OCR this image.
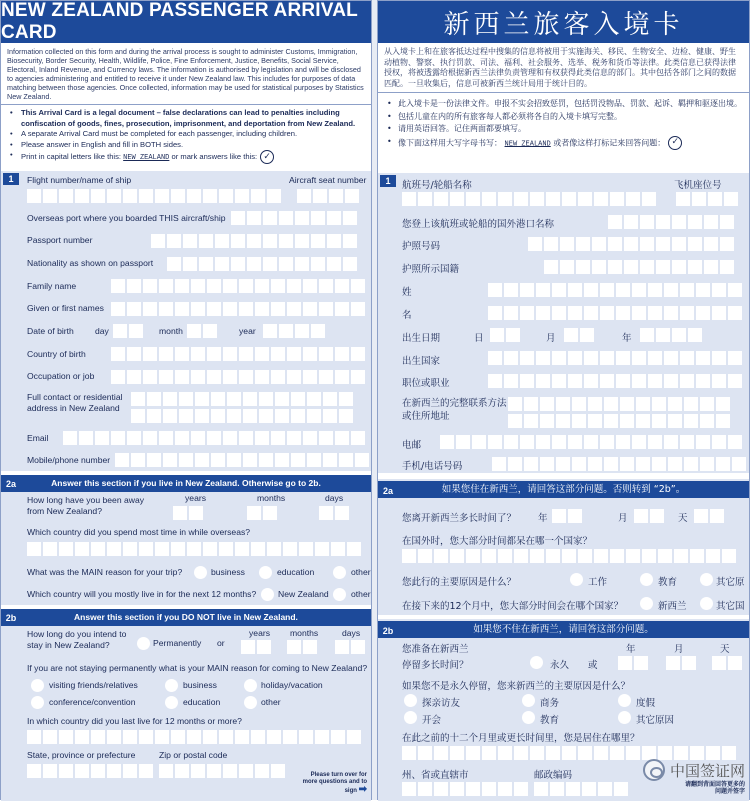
NEW ZEALAND PASSENGER ARRIVAL CARD
Information collected on this form and during the arrival process is sought to administer Customs, Immigration, Biosecurity, Border Security, Health, Wildlife, Police, Fine Enforcement, Justice, Benefits, Social Service, Electoral, Inland Revenue, and Currency laws. The information is authorised by legislation and will be disclosed to agencies administering and entitled to receive it under New Zealand law. This includes for purposes of data matching between those agencies. Once collected, information may be used for statistical purposes by Statistics New Zealand.
• This Arrival Card is a legal document – false declarations can lead to penalties including confiscation of goods, fines, prosecution, imprisonment, and deportation from New Zealand.
• A separate Arrival Card must be completed for each passenger, including children.
• Please answer in English and fill in BOTH sides.
• Print in capital letters like this: NEW ZEALAND or mark answers like this: ✓
1	Flight number/name of ship	Aircraft seat number
Overseas port where you boarded THIS aircraft/ship
Passport number
Nationality as shown on passport
Family name
Given or first names
Date of birth day	month	year
Country of birth
Occupation or job
Full contact or residential address in New Zealand
Email
Mobile/phone number
Answer this section if you live in New Zealand. Otherwise go to 2b.
2a
How long have you been away from New Zealand?
years	months	days
Which country did you spend most time in while overseas?
What was the MAIN reason for your trip?	business	education	other
Which country will you mostly live in for the next 12 months?	New Zealand	other
Answer this section if you DO NOT live in New Zealand.
2b
How long do you intend to stay in New Zealand?	Permanently or
years months	days
If you are not staying permanently what is your MAIN reason for coming to New Zealand?
visiting friends/relatives	business	holiday/vacation
conference/convention	education	other
In which country did you last live for 12 months or more?
State, province or prefecture	Zip or postal code
Please turn over for more questions and to sign ➡
新西兰旅客入境卡
从入境卡上和在旅客抵达过程中搜集的信息将被用于实施海关、移民、生物安全、边检、健康、野生动植物、警察、执行罚款、司法、福利、社会服务、选举、税务和货币等法律。此类信息已获得法律授权，将被透露给根据新西兰法律负责管理和有权获得此类信息的部门。其中包括各部门之间的数据匹配。一旦收集后，信息可被新西兰统计局用于统计目的。
• 此入境卡是一份法律文件。申报不实会招致惩罚，包括罚没物品、罚款、起诉、羁押和驱逐出境。
• 包括儿童在内的所有旅客每人都必须将各自的入境卡填写完整。
• 请用英语回答。记住两面都要填写。
• 像下面这样用大写字母书写： NEW ZEALAND 或者像这样打标记来回答问题： ✓
1	航班号/轮船名称	飞机座位号
您登上该航班或轮船的国外港口名称
护照号码
护照所示国籍
姓
名
出生日期	日	月	年
出生国家
职位或职业
在新西兰的完整联系方法或住所地址
电邮
手机/电话号码
如果您住在新西兰，请回答这部分问题。否则转到 “2b”。
2a
您离开新西兰多长时间了？ 年	月	天
在国外时，您大部分时间都呆在哪一个国家？
您此行的主要原因是什么？	工作	教育	其它原
在接下来的12个月中，您大部分时间会在哪个国家？	新西兰	其它国
如果您不住在新西兰，请回答这部分问题。
2b
您准备在新西兰
停留多长时间？	永久 或
年	月	天
如果您不是永久停留，您来新西兰的主要原因是什么？
探亲访友	商务	度假
开会	教育	其它原因
在此之前的十二个月里或更长时间里，您是居住在哪里？
州、省或直辖市	邮政编码
请翻到背面回答更多的问题并签字
中国签证网
